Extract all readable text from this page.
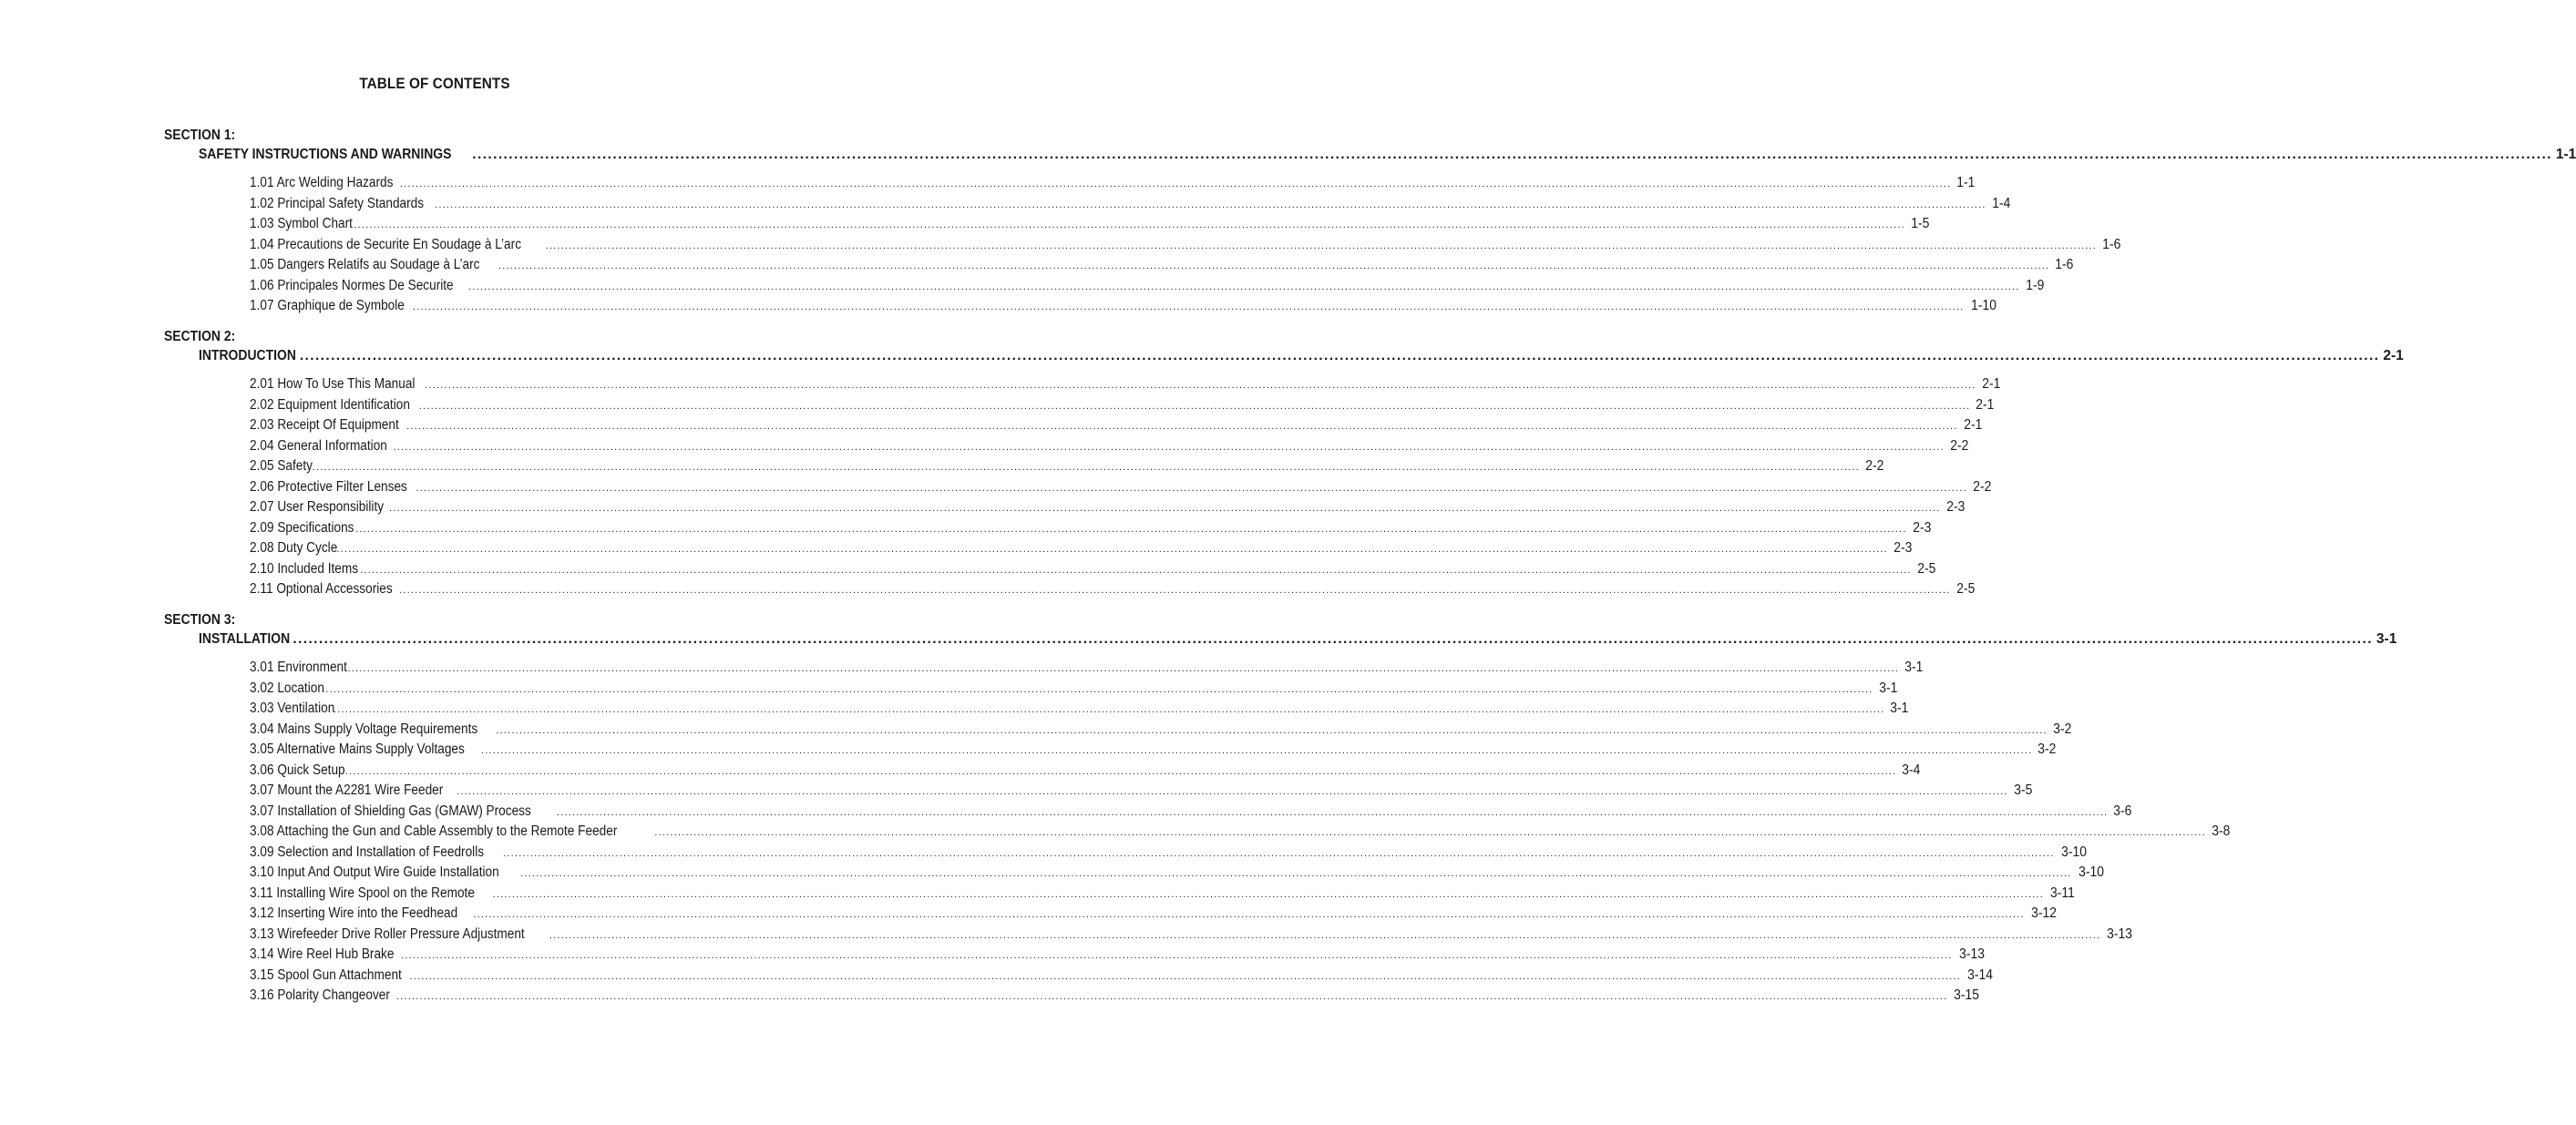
TABLE OF CONTENTS
SECTION 1:
SAFETY INSTRUCTIONS AND WARNINGS ................................................................................................................................................................................................................................................................................................................................................................................................................ 1-1
1.01 Arc Welding Hazards ................................................................................................................................................................................................................................................................................................................................................................................................................ 1-1
1.02 Principal Safety Standards ................................................................................................................................................................................................................................................................................................................................................................................................................ 1-4
1.03 Symbol Chart ................................................................................................................................................................................................................................................................................................................................................................................................................ 1-5
1.04 Precautions de Securite En Soudage à L’arc ................................................................................................................................................................................................................................................................................................................................................................................................................ 1-6
1.05 Dangers Relatifs au Soudage à L’arc ................................................................................................................................................................................................................................................................................................................................................................................................................ 1-6
1.06 Principales Normes De Securite ................................................................................................................................................................................................................................................................................................................................................................................................................ 1-9
1.07 Graphique de Symbole ................................................................................................................................................................................................................................................................................................................................................................................................................ 1-10
SECTION 2:
INTRODUCTION ................................................................................................................................................................................................................................................................................................................................................................................................................ 2-1
2.01 How To Use This Manual ................................................................................................................................................................................................................................................................................................................................................................................................................ 2-1
2.02 Equipment Identification ................................................................................................................................................................................................................................................................................................................................................................................................................ 2-1
2.03 Receipt Of Equipment ................................................................................................................................................................................................................................................................................................................................................................................................................ 2-1
2.04 General Information ................................................................................................................................................................................................................................................................................................................................................................................................................ 2-2
2.05 Safety
................................................................................................................................................................................................................................................................................................................................................................................................................ 2-2
2.06 Protective Filter Lenses ................................................................................................................................................................................................................................................................................................................................................................................................................ 2-2
2.07 User Responsibility ................................................................................................................................................................................................................................................................................................................................................................................................................ 2-3
2.09 Specifications ................................................................................................................................................................................................................................................................................................................................................................................................................ 2-3
2.08 Duty Cycle ................................................................................................................................................................................................................................................................................................................................................................................................................ 2-3
2.10 Included Items ................................................................................................................................................................................................................................................................................................................................................................................................................ 2-5
2.11 Optional Accessories ................................................................................................................................................................................................................................................................................................................................................................................................................ 2-5
SECTION 3:
INSTALLATION ................................................................................................................................................................................................................................................................................................................................................................................................................ 3-1
3.01 Environment ................................................................................................................................................................................................................................................................................................................................................................................................................ 3-1
3.02 Location
................................................................................................................................................................................................................................................................................................................................................................................................................ 3-1
3.03 Ventilation
................................................................................................................................................................................................................................................................................................................................................................................................................ 3-1
3.04 Mains Supply Voltage Requirements ................................................................................................................................................................................................................................................................................................................................................................................................................ 3-2
3.05 Alternative Mains Supply Voltages ................................................................................................................................................................................................................................................................................................................................................................................................................ 3-2
3.06 Quick Setup ................................................................................................................................................................................................................................................................................................................................................................................................................ 3-4
3.07 Mount the A2281 Wire Feeder ................................................................................................................................................................................................................................................................................................................................................................................................................ 3-5
3.07 Installation of Shielding Gas (GMAW) Process	................................................................................................................................................................................................................................................................................................................................................................................................................ 3-6
3.08 Attaching the Gun and Cable Assembly to the Remote Feeder	................................................................................................................................................................................................................................................................................................................................................................................................................ 3-8
3.09 Selection and Installation of Feedrolls ................................................................................................................................................................................................................................................................................................................................................................................................................ 3-10
3.10 Input And Output Wire Guide Installation ................................................................................................................................................................................................................................................................................................................................................................................................................ 3-10
3.11 Installing Wire Spool on the Remote ................................................................................................................................................................................................................................................................................................................................................................................................................ 3-11
3.12 Inserting Wire into the Feedhead ................................................................................................................................................................................................................................................................................................................................................................................................................ 3-12
3.13 Wirefeeder Drive Roller Pressure Adjustment ................................................................................................................................................................................................................................................................................................................................................................................................................ 3-13
3.14 Wire Reel Hub Brake ................................................................................................................................................................................................................................................................................................................................................................................................................ 3-13
3.15 Spool Gun Attachment ................................................................................................................................................................................................................................................................................................................................................................................................................ 3-14
3.16 Polarity Changeover ................................................................................................................................................................................................................................................................................................................................................................................................................ 3-15
